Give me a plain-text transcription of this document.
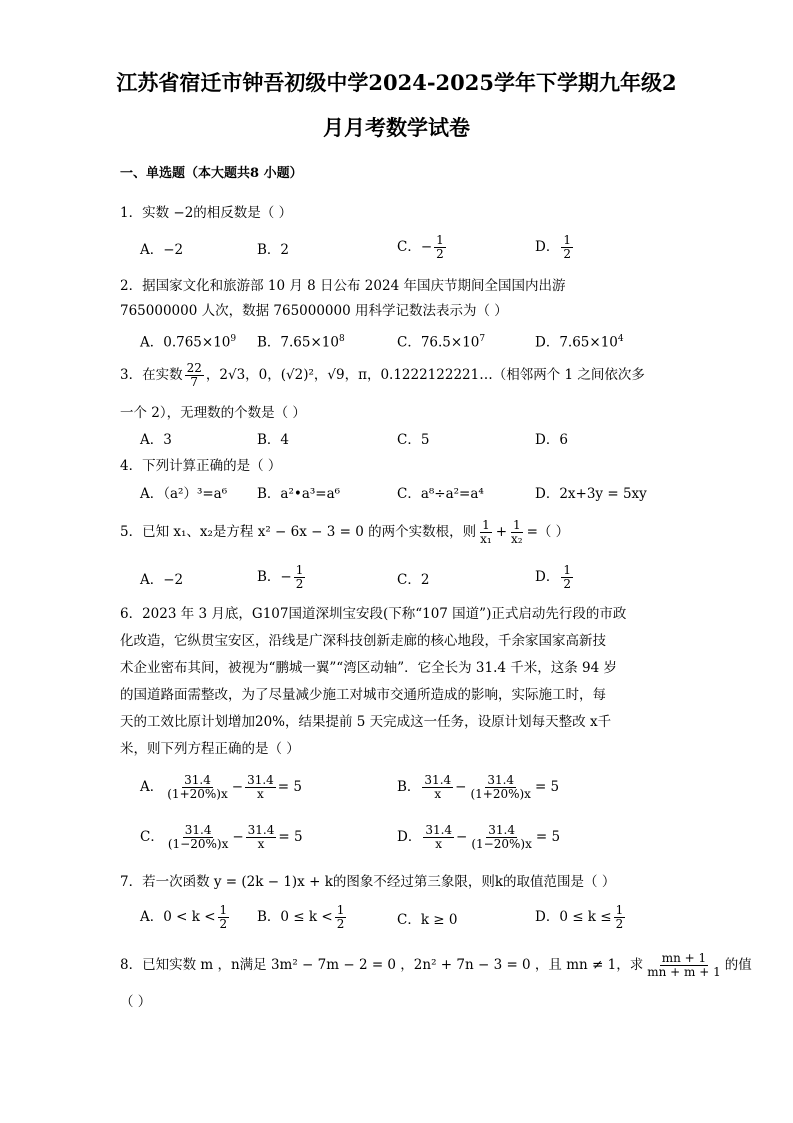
江苏省宿迁市钟吾初级中学2024-2025学年下学期九年级2
月月考数学试卷
一、单选题（本大题共8 小题）
1．实数 −2的相反数是（ ）
A．−2	B．2	C．− $\frac{1}{2}$	D． $\frac{1}{2}$
2．据国家文化和旅游部 10 月 8 日公布 2024 年国庆节期间全国国内出游
765000000 人次，数据 765000000 用科学记数法表示为（ ）
A．$0.765\times 10^9$ B．$7.65\times 10^8$	C．$76.5\times 10^7$	D．$7.65\times 10^4$
3．在实数 $\frac{22}{7}$ ，2√3，0，(√2)²，√9，π，0.1222122221…（相邻两个 1 之间依次多
一个 2），无理数的个数是（ ）
A．3	B．4	C．5	D．6
4．下列计算正确的是（ ）
A．（a²）³=a⁶ B．a²•a³=a⁶	C．a⁸÷a²=a⁴	D．2x+3y = 5xy
5．已知 x₁、x₂是方程 x² − 6x − 3 = 0 的两个实数根，则 $\frac{1}{\text{x₁}} + \frac{1}{\text{x₂}}$ =（ ）
A．−2	B．− $\frac{1}{2}$	C．2	D． $\frac{1}{2}$
6．2023 年 3 月底，G107国道深圳宝安段(下称“107 国道”)正式启动先行段的市政
化改造，它纵贯宝安区，沿线是广深科技创新走廊的核心地段，千余家国家高新技
术企业密布其间，被视为“鹏城一翼”“湾区动轴”．它全长为 31.4 千米，这条 94 岁
的国道路面需整改，为了尽量减少施工对城市交通所造成的影响，实际施工时，每
天的工效比原计划增加20%，结果提前 5 天完成这一任务，设原计划每天整改 x千
米，则下列方程正确的是（ ）
A． $\frac{31.4}{(1+20\%)x} - \frac{31.4}{x} = 5$	B． $\frac{31.4}{x} - \frac{31.4}{(1+20\%)x} = 5$
C． $\frac{31.4}{(1-20\%)x} - \frac{31.4}{x} = 5$	D． $\frac{31.4}{x} - \frac{31.4}{(1-20\%)x} = 5$
7．若一次函数 y = (2k − 1)x + k的图象不经过第三象限，则k的取值范围是（ ）
A．$0 < k < \frac{1}{2}$ B．$0 \le k < \frac{1}{2}$	C．k ≥ 0	D．$0 \le k \le \frac{1}{2}$
8．已知实数 m ，n满足 3m² − 7m − 2 = 0 ，2n² + 7n − 3 = 0 ，且 mn ≠ 1，求 $\frac{mn + 1}{mn + m + 1}$ 的值
（ ）
